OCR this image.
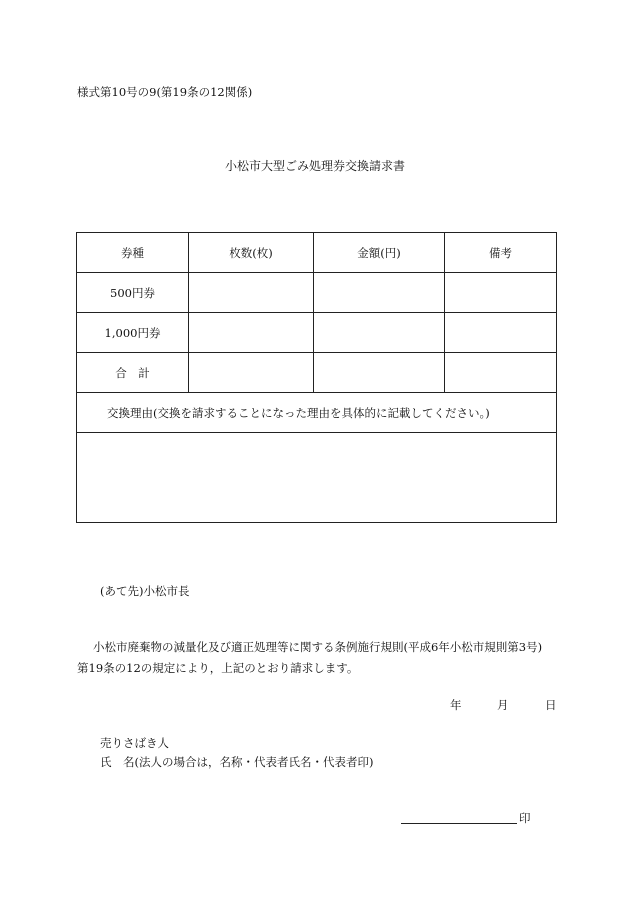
様式第10号の9(第19条の12関係)
小松市大型ごみ処理券交換請求書
券種	枚数(枚)	金額(円)	備考
500円券			
1,000円券			
合　計			
交換理由(交換を請求することになった理由を具体的に記載してください。)			

(あて先)小松市長
小松市廃棄物の減量化及び適正処理等に関する条例施行規則(平成6年小松市規則第3号)
第19条の12の規定により，上記のとおり請求します。
年	月	日
売りさばき人
氏　名(法人の場合は，名称・代表者氏名・代表者印)
印
